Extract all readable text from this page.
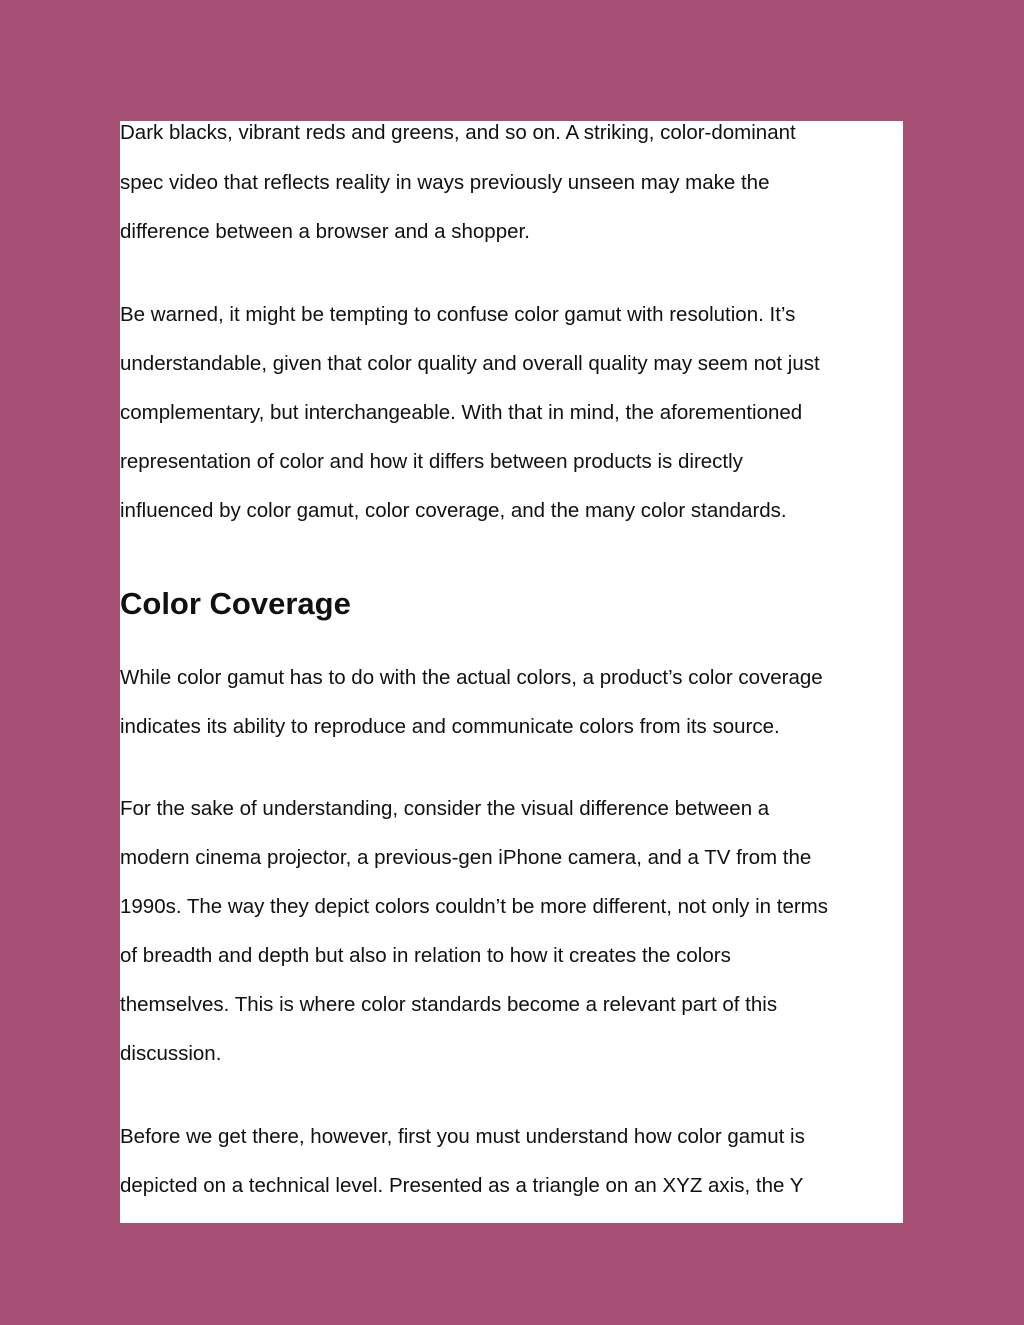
Dark blacks, vibrant reds and greens, and so on. A striking, color-dominant

spec video that reflects reality in ways previously unseen may make the

difference between a browser and a shopper.

Be warned, it might be tempting to confuse color gamut with resolution. It’s

understandable, given that color quality and overall quality may seem not just

complementary, but interchangeable. With that in mind, the aforementioned

representation of color and how it differs between products is directly

influenced by color gamut, color coverage, and the many color standards.

Color Coverage

While color gamut has to do with the actual colors, a product’s color coverage

indicates its ability to reproduce and communicate colors from its source.

For the sake of understanding, consider the visual difference between a

modern cinema projector, a previous-gen iPhone camera, and a TV from the

1990s. The way they depict colors couldn’t be more different, not only in terms

of breadth and depth but also in relation to how it creates the colors

themselves. This is where color standards become a relevant part of this

discussion.

Before we get there, however, first you must understand how color gamut is

depicted on a technical level. Presented as a triangle on an XYZ axis, the Y
